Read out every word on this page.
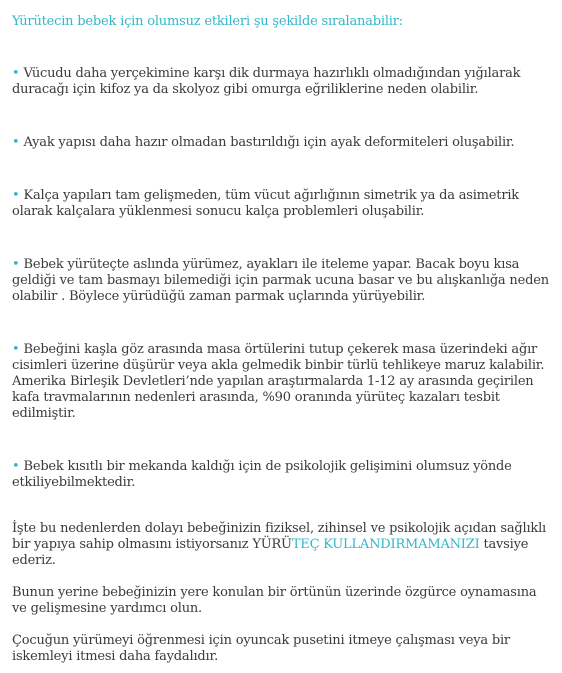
Yürütecin bebek için olumsuz etkileri şu şekilde sıralanabilir:

• Vücudu daha yerçekimine karşı dik durmaya hazırlıklı olmadığından yığılarak duracağı için kifoz ya da skolyoz gibi omurga eğriliklerine neden olabilir.

• Ayak yapısı daha hazır olmadan bastırıldığı için ayak deformiteleri oluşabilir.

• Kalça yapıları tam gelişmeden, tüm vücut ağırlığının simetrik ya da asimetrik olarak kalçalara yüklenmesi sonucu kalça problemleri oluşabilir.

• Bebek yürüteçte aslında yürümez, ayakları ile iteleme yapar. Bacak boyu kısa geldiği ve tam basmayı bilemediği için parmak ucuna basar ve bu alışkanlığa neden olabilir . Böylece yürüdüğü zaman parmak uçlarında yürüyebilir.

• Bebeğini kaşla göz arasında masa örtülerini tutup çekerek masa üzerindeki ağır cisimleri üzerine düşürür veya akla gelmedik binbir türlü tehlikeye maruz kalabilir. Amerika Birleşik Devletleri’nde yapılan araştırmalarda 1-12 ay arasında geçirilen kafa travmalarının nedenleri arasında, %90 oranında yürüteç kazaları tesbit edilmiştir.

• Bebek kısıtlı bir mekanda kaldığı için de psikolojik gelişimini olumsuz yönde etkiliyebilmektedir.

İşte bu nedenlerden dolayı bebeğinizin fiziksel, zihinsel ve psikolojik açıdan sağlıklı bir yapıya sahip olmasını istiyorsanız YÜRÜTEÇ KULLANDIRMAMANIZI tavsiye ederiz.

Bunun yerine bebeğinizin yere konulan bir örtünün üzerinde özgürce oynamasına ve gelişmesine yardımcı olun.

Çocuğun yürümeyi öğrenmesi için oyuncak pusetini itmeye çalışması veya bir iskemleyi itmesi daha faydalıdır.
